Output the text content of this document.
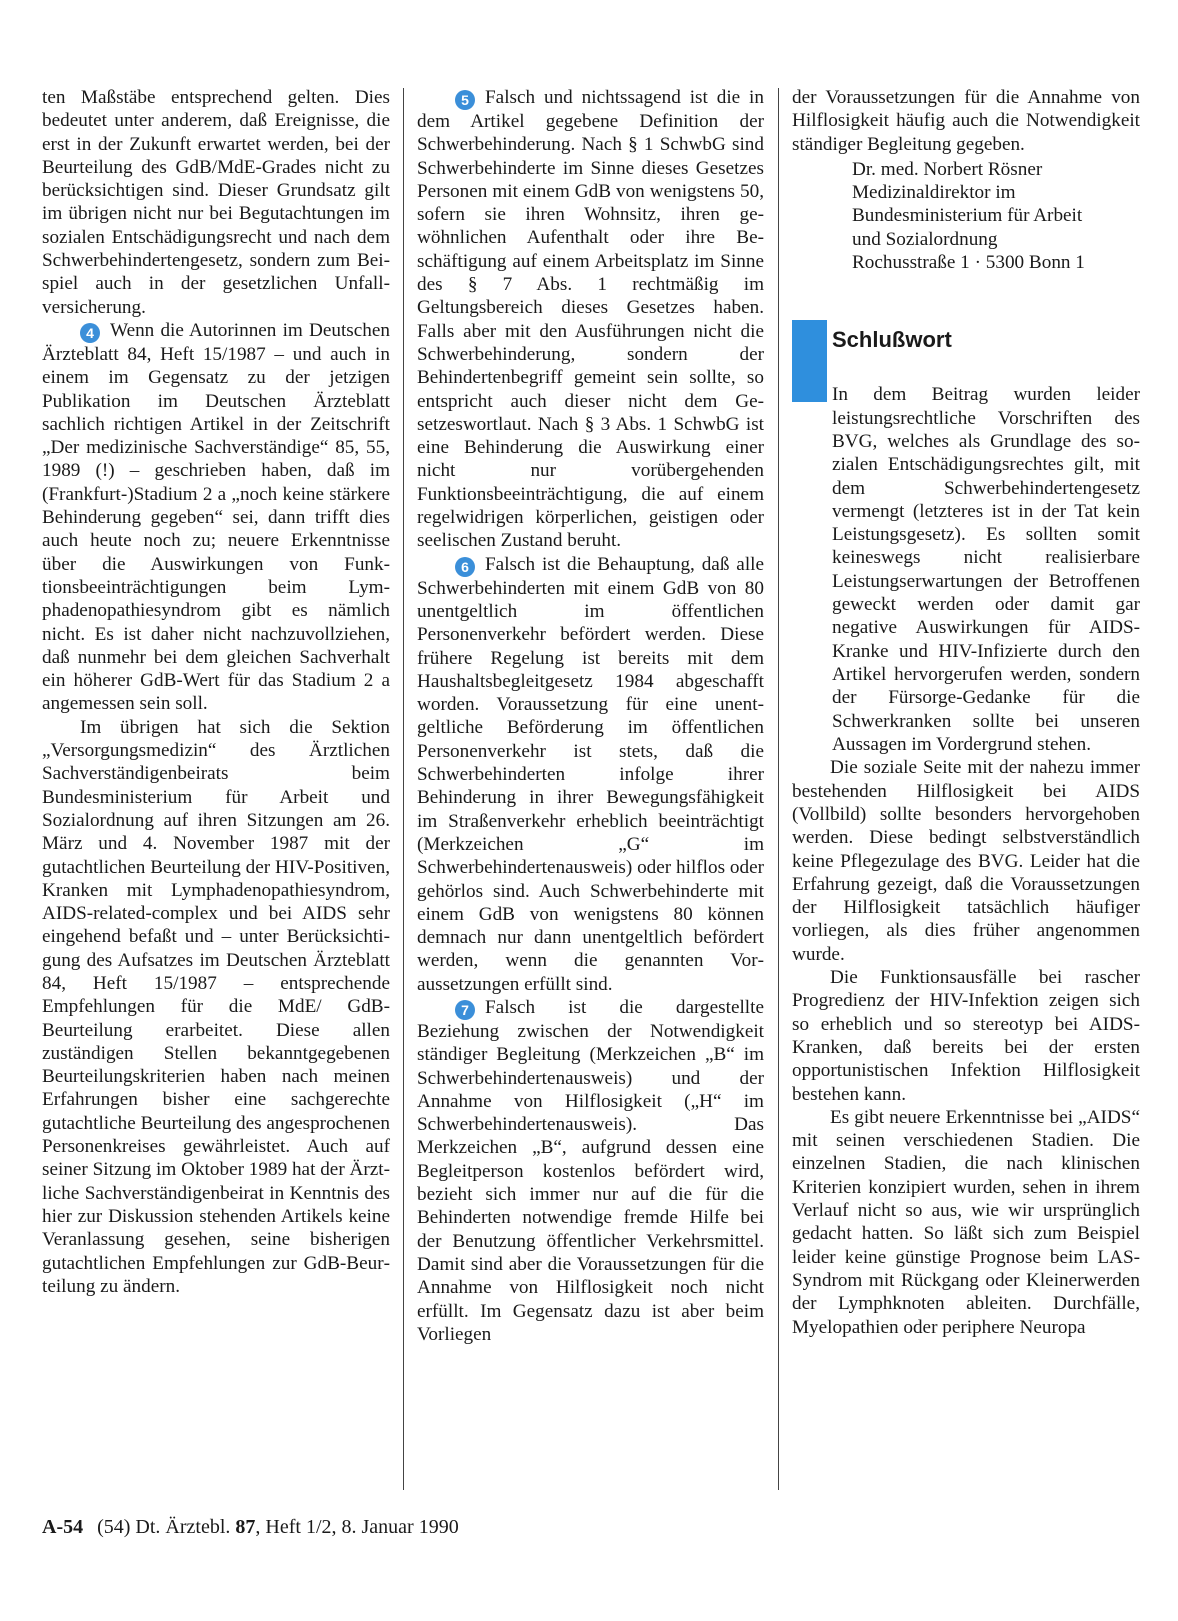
ten Maßstäbe entsprechend gelten. Dies bedeutet unter anderem, daß Ereignisse, die erst in der Zukunft erwartet werden, bei der Beurteilung des GdB/MdE-Grades nicht zu berücksichtigen sind. Dieser Grundsatz gilt im übrigen nicht nur bei Begutachtungen im sozialen Entschädigungsrecht und nach dem Schwerbehindertengesetz, sondern zum Beispiel auch in der gesetzlichen Unfallversicherung.

4 Wenn die Autorinnen im Deutschen Ärzteblatt 84, Heft 15/1987 – und auch in einem im Gegensatz zu der jetzigen Publikation im Deutschen Ärzteblatt sachlich richtigen Artikel in der Zeitschrift „Der medizinische Sachverständige“ 85, 55, 1989 (!) – geschrieben haben, daß im (Frankfurt-)Stadium 2 a „noch keine stärkere Behinderung gegeben“ sei, dann trifft dies auch heute noch zu; neuere Erkenntnisse über die Auswirkungen von Funktionsbeeinträchtigungen beim Lymphadenopathiesyndrom gibt es nämlich nicht. Es ist daher nicht nachzuvollziehen, daß nunmehr bei dem gleichen Sachverhalt ein höherer GdB-Wert für das Stadium 2 a angemessen sein soll.

Im übrigen hat sich die Sektion „Versorgungsmedizin“ des Ärztlichen Sachverständigenbeirats beim Bundesministerium für Arbeit und Sozialordnung auf ihren Sitzungen am 26. März und 4. November 1987 mit der gutachtlichen Beurteilung der HIV-Positiven, Kranken mit Lymphadenopathiesyndrom, AIDS-related-complex und bei AIDS sehr eingehend befaßt und – unter Berücksichtigung des Aufsatzes im Deutschen Ärzteblatt 84, Heft 15/1987 – entsprechende Empfehlungen für die MdE/ GdB-Beurteilung erarbeitet. Diese allen zuständigen Stellen bekanntgegebenen Beurteilungskriterien haben nach meinen Erfahrungen bisher eine sachgerechte gutachtliche Beurteilung des angesprochenen Personenkreises gewährleistet. Auch auf seiner Sitzung im Oktober 1989 hat der Ärztliche Sachverständigenbeirat in Kenntnis des hier zur Diskussion stehenden Artikels keine Veranlassung gesehen, seine bisherigen gutachtlichen Empfehlungen zur GdB-Beurteilung zu ändern.

5 Falsch und nichtssagend ist die in dem Artikel gegebene Definition der Schwerbehinderung. Nach § 1 SchwbG sind Schwerbehinderte im Sinne dieses Gesetzes Personen mit einem GdB von wenigstens 50, sofern sie ihren Wohnsitz, ihren gewöhnlichen Aufenthalt oder ihre Beschäftigung auf einem Arbeitsplatz im Sinne des § 7 Abs. 1 rechtmäßig im Geltungsbereich dieses Gesetzes haben. Falls aber mit den Ausführungen nicht die Schwerbehinderung, sondern der Behindertenbegriff gemeint sein sollte, so entspricht auch dieser nicht dem Gesetzeswortlaut. Nach § 3 Abs. 1 SchwbG ist eine Behinderung die Auswirkung einer nicht nur vorübergehenden Funktionsbeeinträchtigung, die auf einem regelwidrigen körperlichen, geistigen oder seelischen Zustand beruht.

6 Falsch ist die Behauptung, daß alle Schwerbehinderten mit einem GdB von 80 unentgeltlich im öffentlichen Personenverkehr befördert werden. Diese frühere Regelung ist bereits mit dem Haushaltsbegleitgesetz 1984 abgeschafft worden. Voraussetzung für eine unentgeltliche Beförderung im öffentlichen Personenverkehr ist stets, daß die Schwerbehinderten infolge ihrer Behinderung in ihrer Bewegungsfähigkeit im Straßenverkehr erheblich beeinträchtigt (Merkzeichen „G“ im Schwerbehindertenausweis) oder hilflos oder gehörlos sind. Auch Schwerbehinderte mit einem GdB von wenigstens 80 können demnach nur dann unentgeltlich befördert werden, wenn die genannten Voraussetzungen erfüllt sind.

7 Falsch ist die dargestellte Beziehung zwischen der Notwendigkeit ständiger Begleitung (Merkzeichen „B“ im Schwerbehindertenausweis) und der Annahme von Hilflosigkeit („H“ im Schwerbehindertenausweis). Das Merkzeichen „B“, aufgrund dessen eine Begleitperson kostenlos befördert wird, bezieht sich immer nur auf die für die Behinderten notwendige fremde Hilfe bei der Benutzung öffentlicher Verkehrsmittel. Damit sind aber die Voraussetzungen für die Annahme von Hilflosigkeit noch nicht erfüllt. Im Gegensatz dazu ist aber beim Vorliegen

der Voraussetzungen für die Annahme von Hilflosigkeit häufig auch die Notwendigkeit ständiger Begleitung gegeben.

Dr. med. Norbert Rösner
Medizinaldirektor im
Bundesministerium für Arbeit
und Sozialordnung
Rochusstraße 1 · 5300 Bonn 1
Schlußwort

In dem Beitrag wurden leider leistungsrechtliche Vorschriften des BVG, welches als Grundlage des sozialen Entschädigungsrechtes gilt, mit dem Schwerbehindertengesetz vermengt (letzteres ist in der Tat kein Leistungsgesetz). Es sollten somit keineswegs nicht realisierbare Leistungserwartungen der Betroffenen geweckt werden oder damit gar negative Auswirkungen für AIDS-Kranke und HIV-Infizierte durch den Artikel hervorgerufen werden, sondern der Fürsorge-Gedanke für die Schwerkranken sollte bei unseren Aussagen im Vordergrund stehen.

Die soziale Seite mit der nahezu immer bestehenden Hilflosigkeit bei AIDS (Vollbild) sollte besonders hervorgehoben werden. Diese bedingt selbstverständlich keine Pflegezulage des BVG. Leider hat die Erfahrung gezeigt, daß die Voraussetzungen der Hilflosigkeit tatsächlich häufiger vorliegen, als dies früher angenommen wurde.

Die Funktionsausfälle bei rascher Progredienz der HIV-Infektion zeigen sich so erheblich und so stereotyp bei AIDS-Kranken, daß bereits bei der ersten opportunistischen Infektion Hilflosigkeit bestehen kann.

Es gibt neuere Erkenntnisse bei „AIDS“ mit seinen verschiedenen Stadien. Die einzelnen Stadien, die nach klinischen Kriterien konzipiert wurden, sehen in ihrem Verlauf nicht so aus, wie wir ursprünglich gedacht hatten. So läßt sich zum Beispiel leider keine günstige Prognose beim LAS-Syndrom mit Rückgang oder Kleinerwerden der Lymphknoten ableiten. Durchfälle, Myelopathien oder periphere Neuropa

A-54 (54) Dt. Ärztebl. 87, Heft 1/2, 8. Januar 1990
